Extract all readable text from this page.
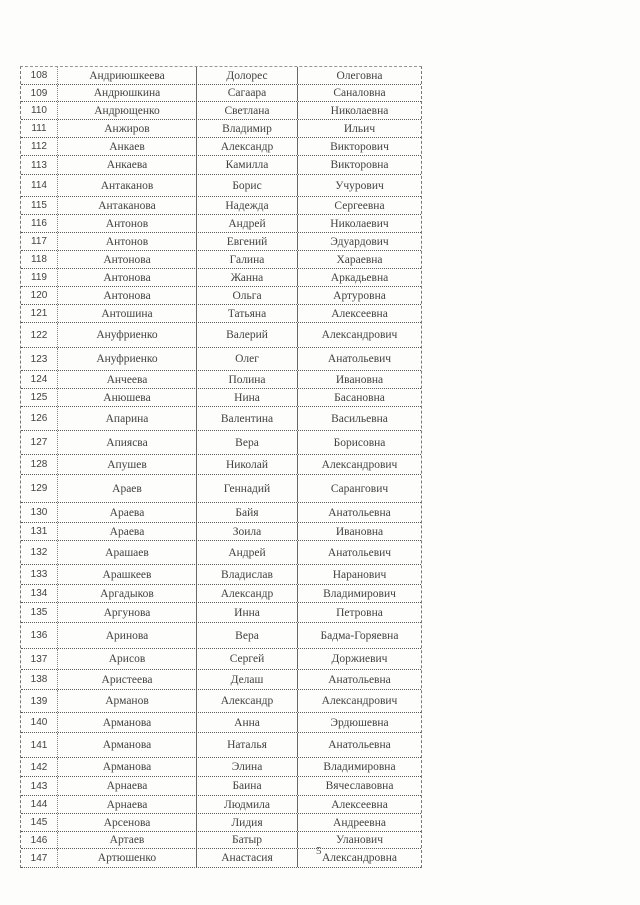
108	Андриюшкеева	Долорес	Олеговна
109	Андрюшкина	Сагаара	Саналовна
110	Андрющенко	Светлана	Николаевна
111	Анжиров	Владимир	Ильич
112	Анкаев	Александр	Викторович
113	Анкаева	Камилла	Викторовна
114	Антаканов	Борис	Учурович
115	Антаканова	Надежда	Сергеевна
116	Антонов	Андрей	Николаевич
117	Антонов	Евгений	Эдуардович
118	Антонова	Галина	Хараевна
119	Антонова	Жанна	Аркадьевна
120	Антонова	Ольга	Артуровна
121	Антошина	Татьяна	Алексеевна
122	Ануфриенко	Валерий	Александрович
123	Ануфриенко	Олег	Анатольевич
124	Анчеева	Полина	Ивановна
125	Анюшева	Нина	Басановна
126	Апарина	Валентина	Васильевна
127	Апиясва	Вера	Борисовна
128	Апушев	Николай	Александрович
129	Араев	Геннадий	Сарангович
130	Араева	Байя	Анатольевна
131	Араева	Зоила	Ивановна
132	Арашаев	Андрей	Анатольевич
133	Арашкеев	Владислав	Наранович
134	Аргадыков	Александр	Владимирович
135	Аргунова	Инна	Петровна
136	Аринова	Вера	Бадма-Горяевна
137	Арисов	Сергей	Доржиевич
138	Аристеева	Делаш	Анатольевна
139	Арманов	Александр	Александрович
140	Арманова	Анна	Эрдюшевна
141	Арманова	Наталья	Анатольевна
142	Арманова	Элина	Владимировна
143	Арнаева	Баина	Вячеславовна
144	Арнаева	Людмила	Алексеевна
145	Арсенова	Лидия	Андреевна
146	Артаев	Батыр	Уланович
147	Артюшенко	Анастасия	Александровна
5
